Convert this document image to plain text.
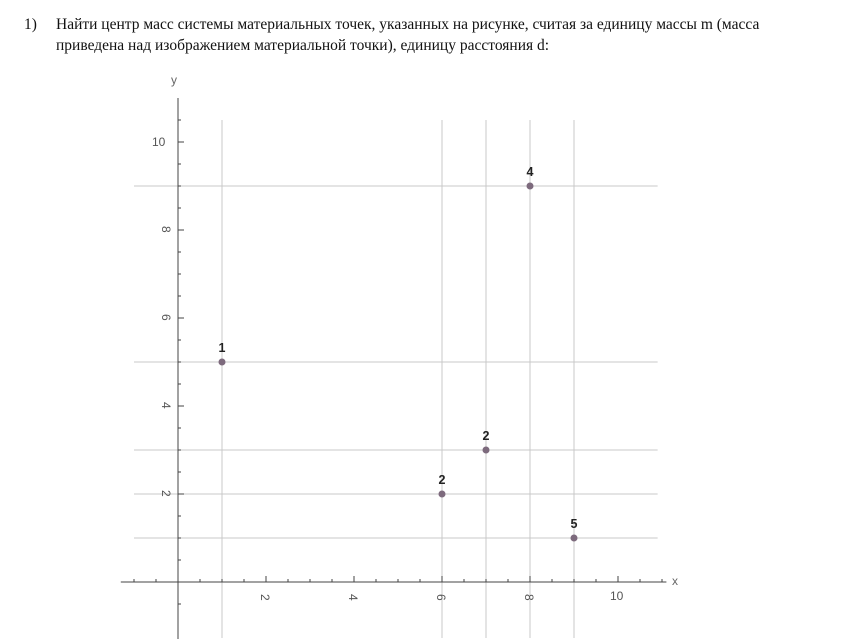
1) Найти центр масс системы материальных точек, указанных на рисунке, считая за единицу массы m (масса приведена над изображением материальной точки), единицу расстояния d:
2	4	6	8	10
2
4
6
8
10
1
2
2
4
5
x
y
